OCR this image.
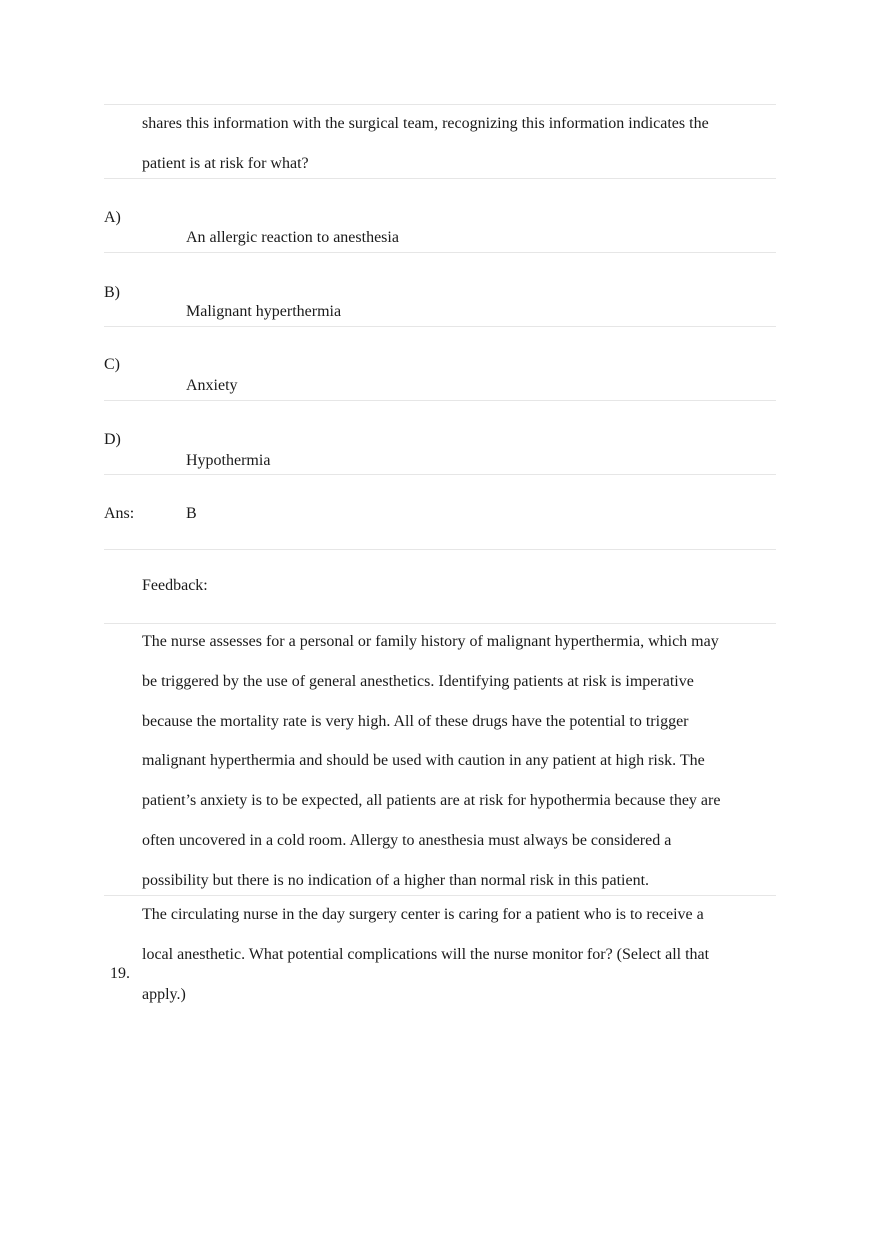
shares this information with the surgical team, recognizing this information indicates the
patient is at risk for what?
A)
An allergic reaction to anesthesia
B)
Malignant hyperthermia
C)
Anxiety
D)
Hypothermia
Ans:	B
Feedback:
The nurse assesses for a personal or family history of malignant hyperthermia, which may
be triggered by the use of general anesthetics. Identifying patients at risk is imperative
because the mortality rate is very high. All of these drugs have the potential to trigger
malignant hyperthermia and should be used with caution in any patient at high risk. The
patient’s anxiety is to be expected, all patients are at risk for hypothermia because they are
often uncovered in a cold room. Allergy to anesthesia must always be considered a
possibility but there is no indication of a higher than normal risk in this patient.
19.
The circulating nurse in the day surgery center is caring for a patient who is to receive a
local anesthetic. What potential complications will the nurse monitor for? (Select all that
apply.)
